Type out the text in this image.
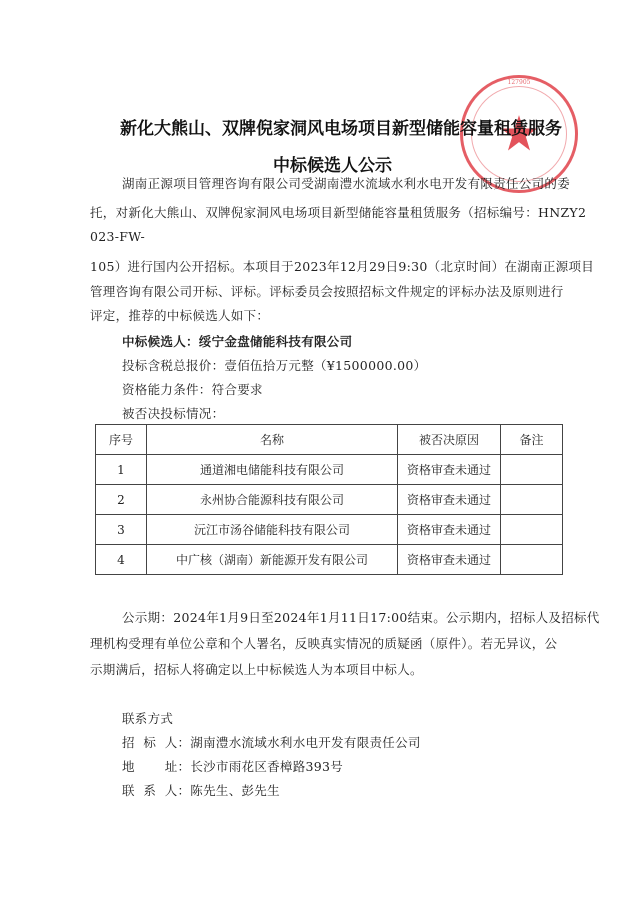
127905
新化大熊山、双牌倪家洞风电场项目新型储能容量租赁服务
中标候选人公示
湖南正源项目管理咨询有限公司受湖南澧水流域水利水电开发有限责任公司的委
托，对新化大熊山、双牌倪家洞风电场项目新型储能容量租赁服务（招标编号：HNZY2
023-FW-
105）进行国内公开招标。本项目于2023年12月29日9:30（北京时间）在湖南正源项目
管理咨询有限公司开标、评标。评标委员会按照招标文件规定的评标办法及原则进行
评定，推荐的中标候选人如下：
中标候选人：绥宁金盘储能科技有限公司
投标含税总报价：壹佰伍拾万元整（¥1500000.00）
资格能力条件：符合要求
被否决投标情况：
序号	名称	被否决原因	备注
1	通道湘电储能科技有限公司	资格审查未通过	
2	永州协合能源科技有限公司	资格审查未通过	
3	沅江市汤谷储能科技有限公司	资格审查未通过	
4	中广核（湖南）新能源开发有限公司	资格审查未通过	
公示期：2024年1月9日至2024年1月11日17:00结束。公示期内，招标人及招标代
理机构受理有单位公章和个人署名，反映真实情况的质疑函（原件）。若无异议，公
示期满后，招标人将确定以上中标候选人为本项目中标人。
联系方式
招  标  人：湖南澧水流域水利水电开发有限责任公司
地       址：长沙市雨花区香樟路393号
联  系  人：陈先生、彭先生
